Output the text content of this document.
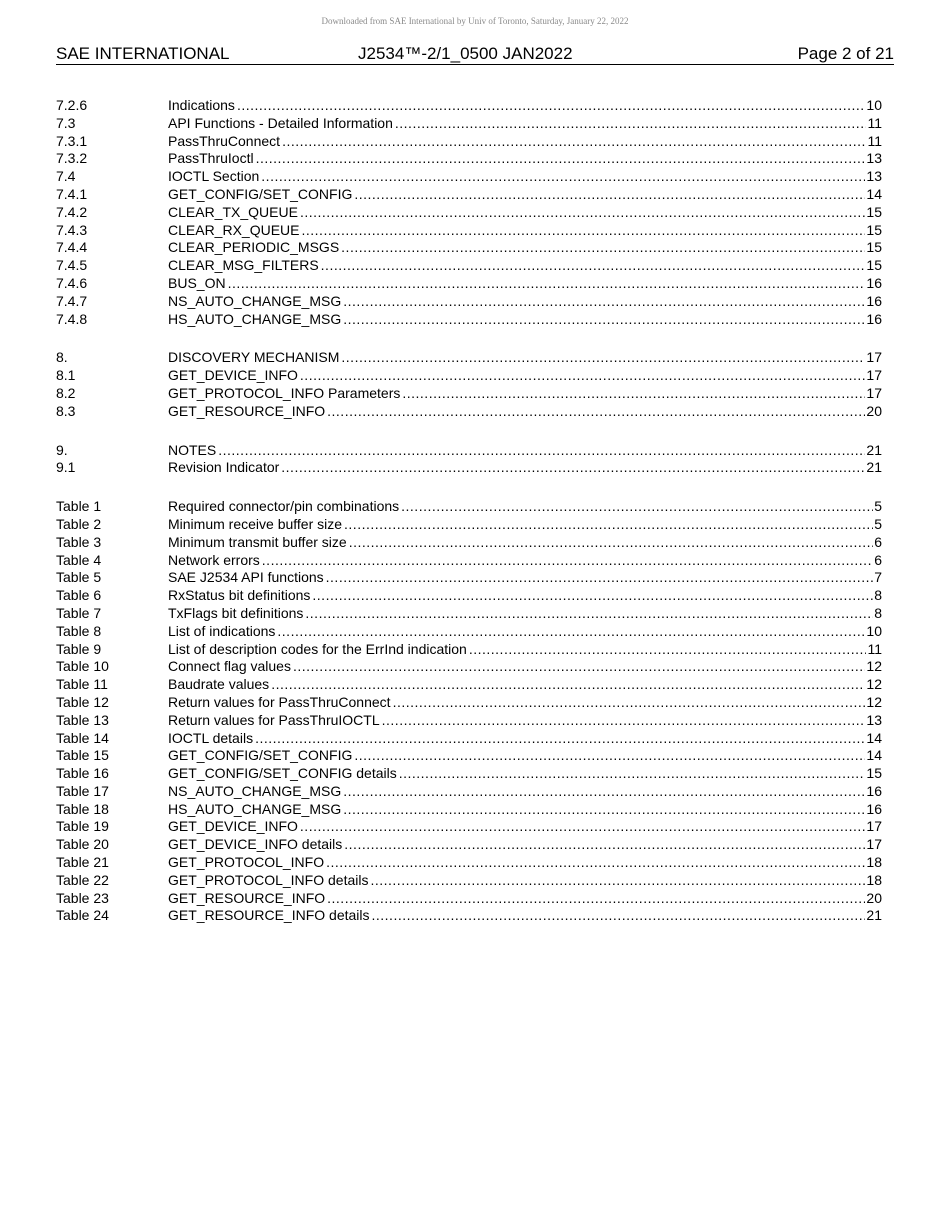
Downloaded from SAE International by Univ of Toronto, Saturday, January 22, 2022
SAE INTERNATIONAL	J2534™-2/1_0500 JAN2022	Page 2 of 21
7.2.6	Indications .....	10
7.3	API Functions - Detailed Information .....	11
7.3.1	PassThruConnect .....	11
7.3.2	PassThruIoctl .....	13
7.4	IOCTL Section .....	13
7.4.1	GET_CONFIG/SET_CONFIG .....	14
7.4.2	CLEAR_TX_QUEUE .....	15
7.4.3	CLEAR_RX_QUEUE .....	15
7.4.4	CLEAR_PERIODIC_MSGS .....	15
7.4.5	CLEAR_MSG_FILTERS .....	15
7.4.6	BUS_ON .....	16
7.4.7	NS_AUTO_CHANGE_MSG .....	16
7.4.8	HS_AUTO_CHANGE_MSG .....	16
8.	DISCOVERY MECHANISM .....	17
8.1	GET_DEVICE_INFO .....	17
8.2	GET_PROTOCOL_INFO Parameters .....	17
8.3	GET_RESOURCE_INFO .....	20
9.	NOTES .....	21
9.1	Revision Indicator .....	21
Table 1	Required connector/pin combinations .....	5
Table 2	Minimum receive buffer size .....	5
Table 3	Minimum transmit buffer size .....	6
Table 4	Network errors .....	6
Table 5	SAE J2534 API functions .....	7
Table 6	RxStatus bit definitions .....	8
Table 7	TxFlags bit definitions .....	8
Table 8	List of indications .....	10
Table 9	List of description codes for the ErrInd indication .....	11
Table 10	Connect flag values .....	12
Table 11	Baudrate values .....	12
Table 12	Return values for PassThruConnect .....	12
Table 13	Return values for PassThruIOCTL .....	13
Table 14	IOCTL details .....	14
Table 15	GET_CONFIG/SET_CONFIG .....	14
Table 16	GET_CONFIG/SET_CONFIG details .....	15
Table 17	NS_AUTO_CHANGE_MSG .....	16
Table 18	HS_AUTO_CHANGE_MSG .....	16
Table 19	GET_DEVICE_INFO .....	17
Table 20	GET_DEVICE_INFO details .....	17
Table 21	GET_PROTOCOL_INFO .....	18
Table 22	GET_PROTOCOL_INFO details .....	18
Table 23	GET_RESOURCE_INFO .....	20
Table 24	GET_RESOURCE_INFO details .....	21
